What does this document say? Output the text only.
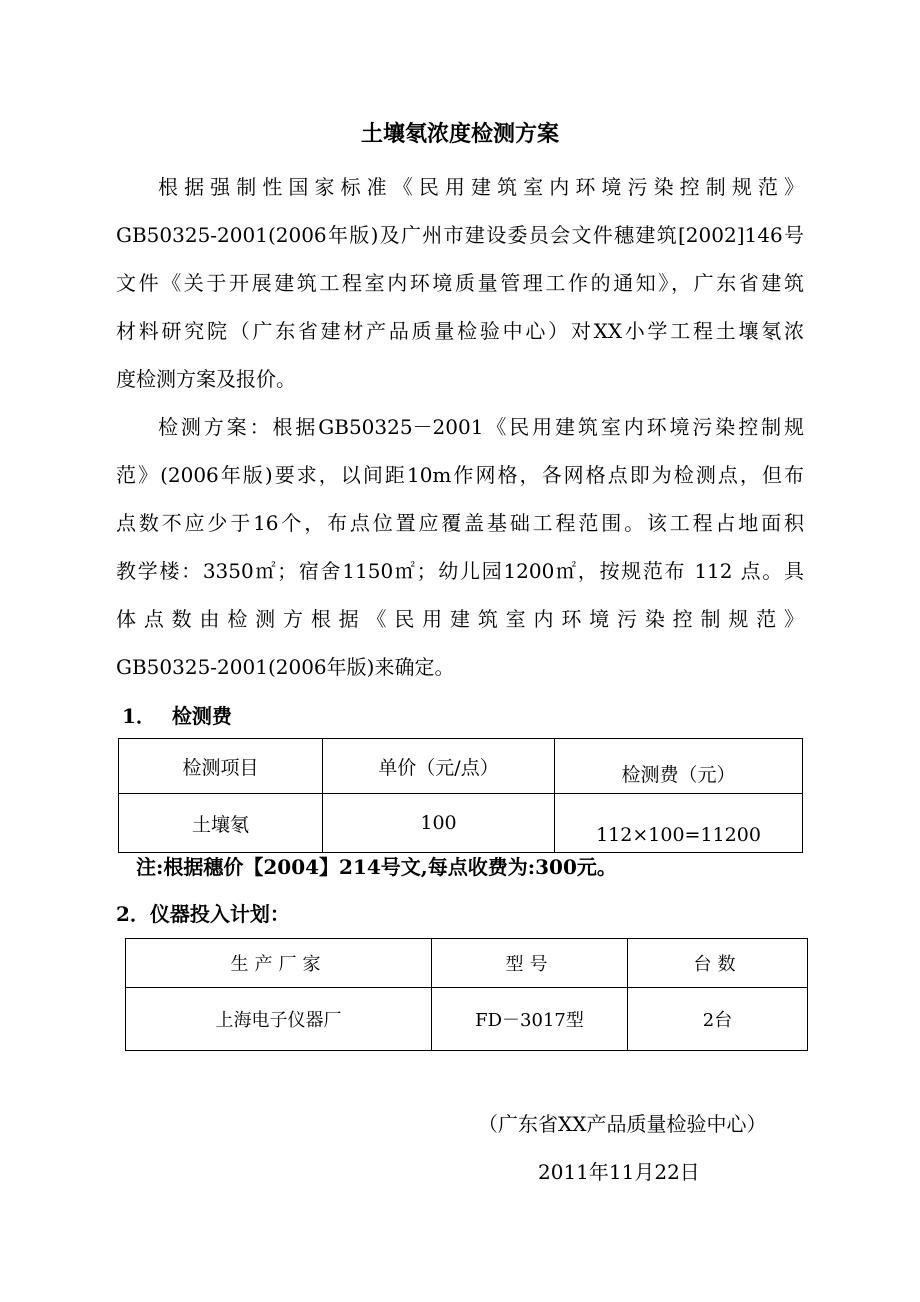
土壤氡浓度检测方案
根据强制性国家标准《民用建筑室内环境污染控制规范》
GB50325-2001(2006年版)及广州市建设委员会文件穗建筑[2002]146号
文件《关于开展建筑工程室内环境质量管理工作的通知》，广东省建筑
材料研究院（广东省建材产品质量检验中心）对XX小学工程土壤氡浓
度检测方案及报价。
检测方案：根据GB50325－2001《民用建筑室内环境污染控制规
范》(2006年版)要求，以间距10m作网格，各网格点即为检测点，但布
点数不应少于16个，布点位置应覆盖基础工程范围。该工程占地面积
教学楼：3350㎡；宿舍1150㎡；幼儿园1200㎡，按规范布 112 点。具
体点数由检测方根据《民用建筑室内环境污染控制规范》
GB50325-2001(2006年版)来确定。
1． 检测费
检测项目	单价（元/点）	检测费（元）
土壤氡	100	112×100=11200
注:根据穗价【2004】214号文,每点收费为:300元。
2．仪器投入计划：
生产厂家	型号	台数
上海电子仪器厂	FD－3017型	2台
（广东省XX产品质量检验中心）
2011年11月22日
